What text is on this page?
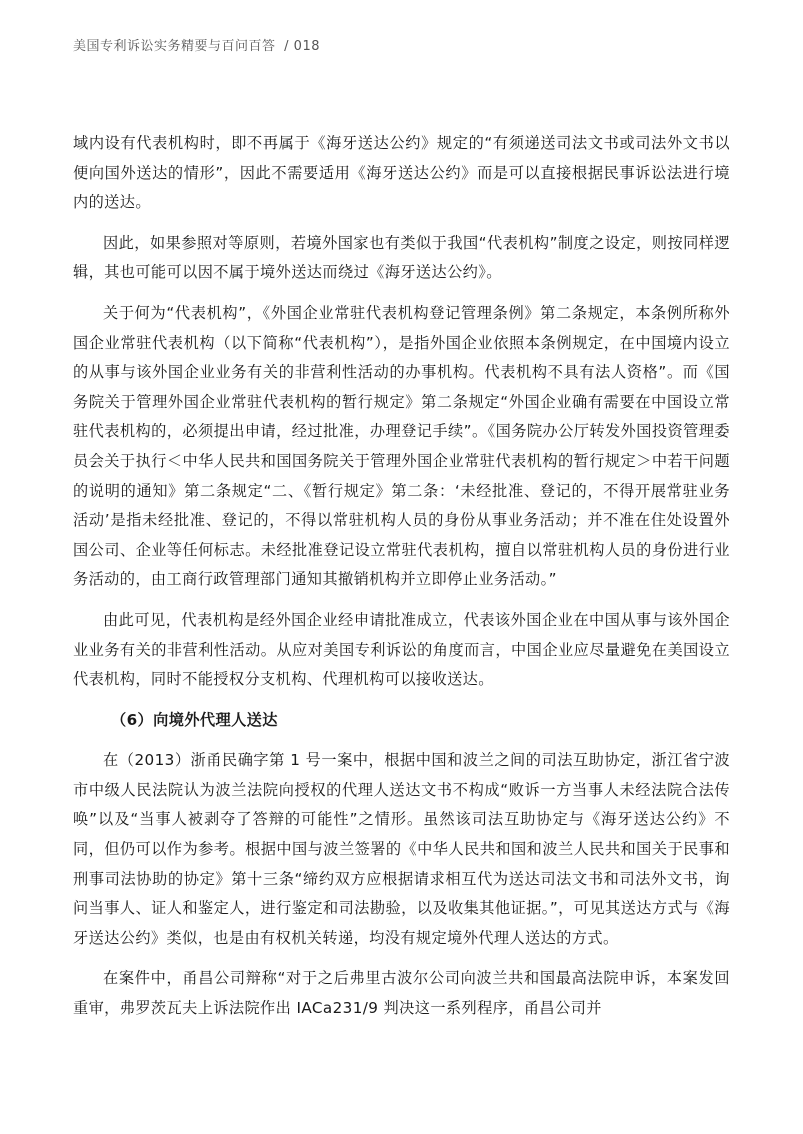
美国专利诉讼实务精要与百问百答 / 018

域内设有代表机构时，即不再属于《海牙送达公约》规定的“有须递送司法文书或司法外文书以便向国外送达的情形”，因此不需要适用《海牙送达公约》而是可以直接根据民事诉讼法进行境内的送达。

因此，如果参照对等原则，若境外国家也有类似于我国“代表机构”制度之设定，则按同样逻辑，其也可能可以因不属于境外送达而绕过《海牙送达公约》。

关于何为“代表机构”，《外国企业常驻代表机构登记管理条例》第二条规定，本条例所称外国企业常驻代表机构（以下简称“代表机构”），是指外国企业依照本条例规定，在中国境内设立的从事与该外国企业业务有关的非营利性活动的办事机构。代表机构不具有法人资格”。而《国务院关于管理外国企业常驻代表机构的暂行规定》第二条规定“外国企业确有需要在中国设立常驻代表机构的，必须提出申请，经过批准，办理登记手续”。《国务院办公厅转发外国投资管理委员会关于执行＜中华人民共和国国务院关于管理外国企业常驻代表机构的暂行规定＞中若干问题的说明的通知》第二条规定“二、《暂行规定》第二条：‘未经批准、登记的，不得开展常驻业务活动’是指未经批准、登记的，不得以常驻机构人员的身份从事业务活动；并不准在住处设置外国公司、企业等任何标志。未经批准登记设立常驻代表机构，擅自以常驻机构人员的身份进行业务活动的，由工商行政管理部门通知其撤销机构并立即停止业务活动。”

由此可见，代表机构是经外国企业经申请批准成立，代表该外国企业在中国从事与该外国企业业务有关的非营利性活动。从应对美国专利诉讼的角度而言，中国企业应尽量避免在美国设立代表机构，同时不能授权分支机构、代理机构可以接收送达。

（6）向境外代理人送达

在（2013）浙甬民确字第 1 号一案中，根据中国和波兰之间的司法互助协定，浙江省宁波市中级人民法院认为波兰法院向授权的代理人送达文书不构成“败诉一方当事人未经法院合法传唤”以及“当事人被剥夺了答辩的可能性”之情形。虽然该司法互助协定与《海牙送达公约》不同，但仍可以作为参考。根据中国与波兰签署的《中华人民共和国和波兰人民共和国关于民事和刑事司法协助的协定》第十三条“缔约双方应根据请求相互代为送达司法文书和司法外文书，询问当事人、证人和鉴定人，进行鉴定和司法勘验，以及收集其他证据。”，可见其送达方式与《海牙送达公约》类似，也是由有权机关转递，均没有规定境外代理人送达的方式。

在案件中，甬昌公司辩称“对于之后弗里古波尔公司向波兰共和国最高法院申诉，本案发回重审，弗罗茨瓦夫上诉法院作出 IACa231/9 判决这一系列程序，甬昌公司并
